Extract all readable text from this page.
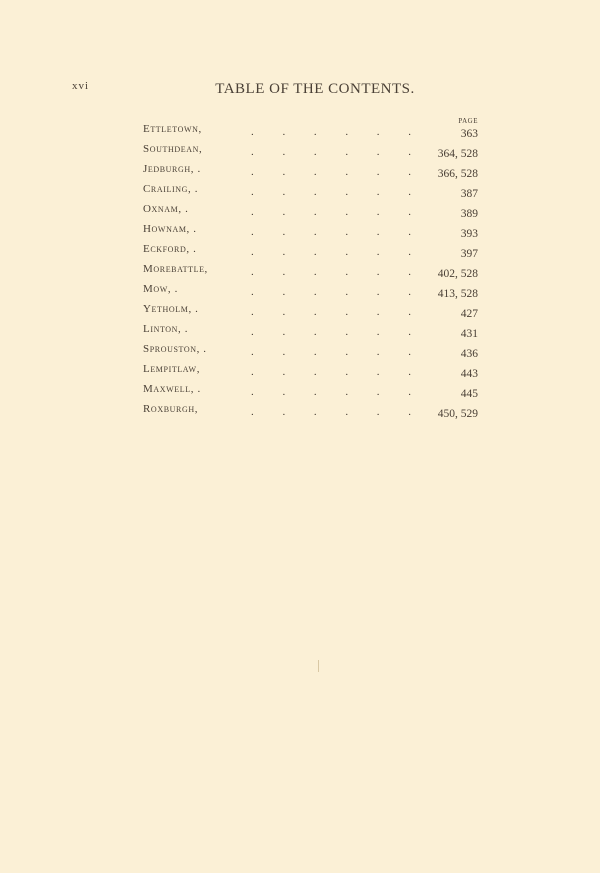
xvi	TABLE OF THE CONTENTS.
PAGE
Ettletown,	.	.	.	.	.	.	363
Southdean,	.	.	.	.	.	. 364, 528
Jedburgh, .	.	.	.	.	.	. 366, 528
Crailing, .	.	.	.	.	.	.	387
Oxnam, .	.	.	.	.	.	.	389
Hownam, .	.	.	.	.	.	.	393
Eckford, .	.	.	.	.	.	.	397
Morebattle,	.	.	.	.	.	. 402, 528
Mow, .	.	.	.	.	.	. 413, 528
Yetholm, .	.	.	.	.	.	.	427
Linton, .	.	.	.	.	.	.	431
Sprouston, .	.	.	.	.	.	.	436
Lempitlaw,	.	.	.	.	.	.	443
Maxwell, .	.	.	.	.	.	.	445
Roxburgh,	.	.	.	.	.	. 450, 529
